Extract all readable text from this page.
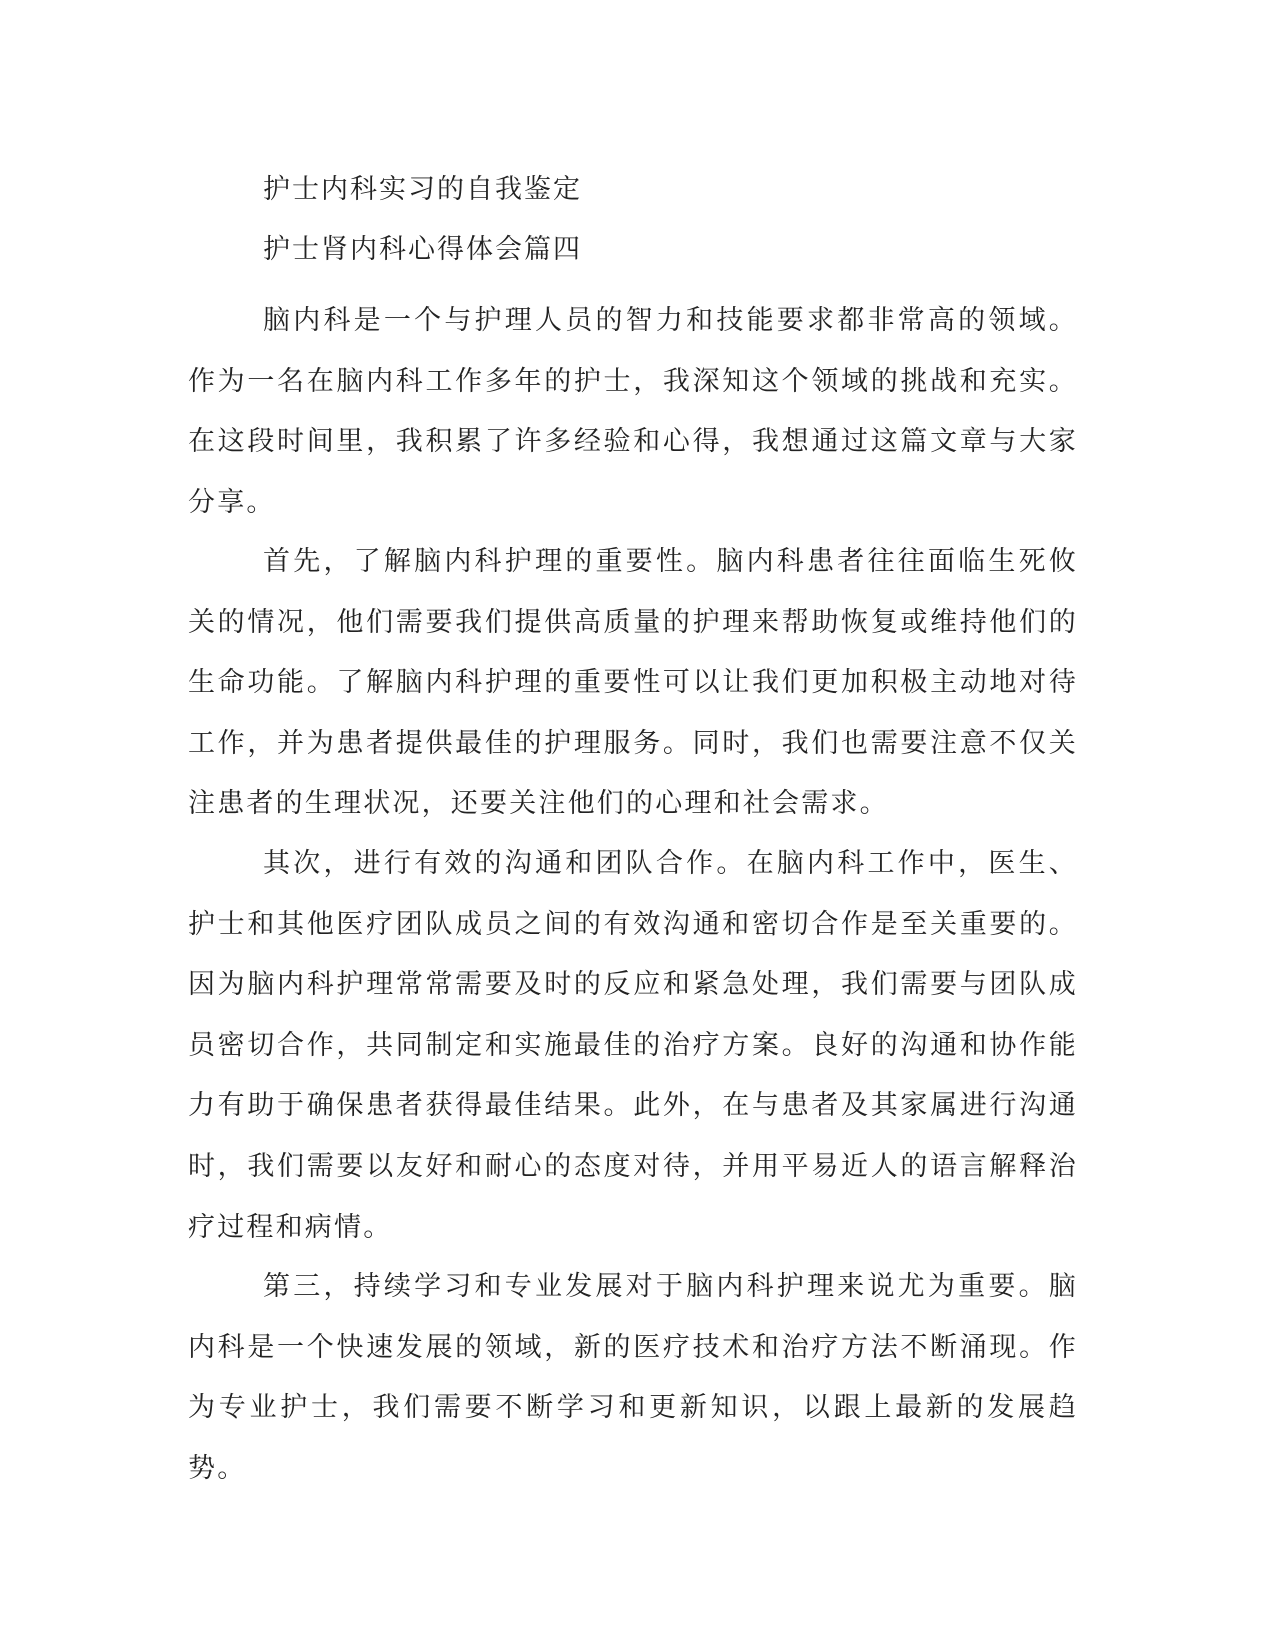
护士内科实习的自我鉴定
护士肾内科心得体会篇四

脑内科是一个与护理人员的智力和技能要求都非常高的领域。作为一名在脑内科工作多年的护士，我深知这个领域的挑战和充实。在这段时间里，我积累了许多经验和心得，我想通过这篇文章与大家分享。

首先，了解脑内科护理的重要性。脑内科患者往往面临生死攸关的情况，他们需要我们提供高质量的护理来帮助恢复或维持他们的生命功能。了解脑内科护理的重要性可以让我们更加积极主动地对待工作，并为患者提供最佳的护理服务。同时，我们也需要注意不仅关注患者的生理状况，还要关注他们的心理和社会需求。

其次，进行有效的沟通和团队合作。在脑内科工作中，医生、护士和其他医疗团队成员之间的有效沟通和密切合作是至关重要的。因为脑内科护理常常需要及时的反应和紧急处理，我们需要与团队成员密切合作，共同制定和实施最佳的治疗方案。良好的沟通和协作能力有助于确保患者获得最佳结果。此外，在与患者及其家属进行沟通时，我们需要以友好和耐心的态度对待，并用平易近人的语言解释治疗过程和病情。

第三，持续学习和专业发展对于脑内科护理来说尤为重要。脑内科是一个快速发展的领域，新的医疗技术和治疗方法不断涌现。作为专业护士，我们需要不断学习和更新知识，以跟上最新的发展趋势。
